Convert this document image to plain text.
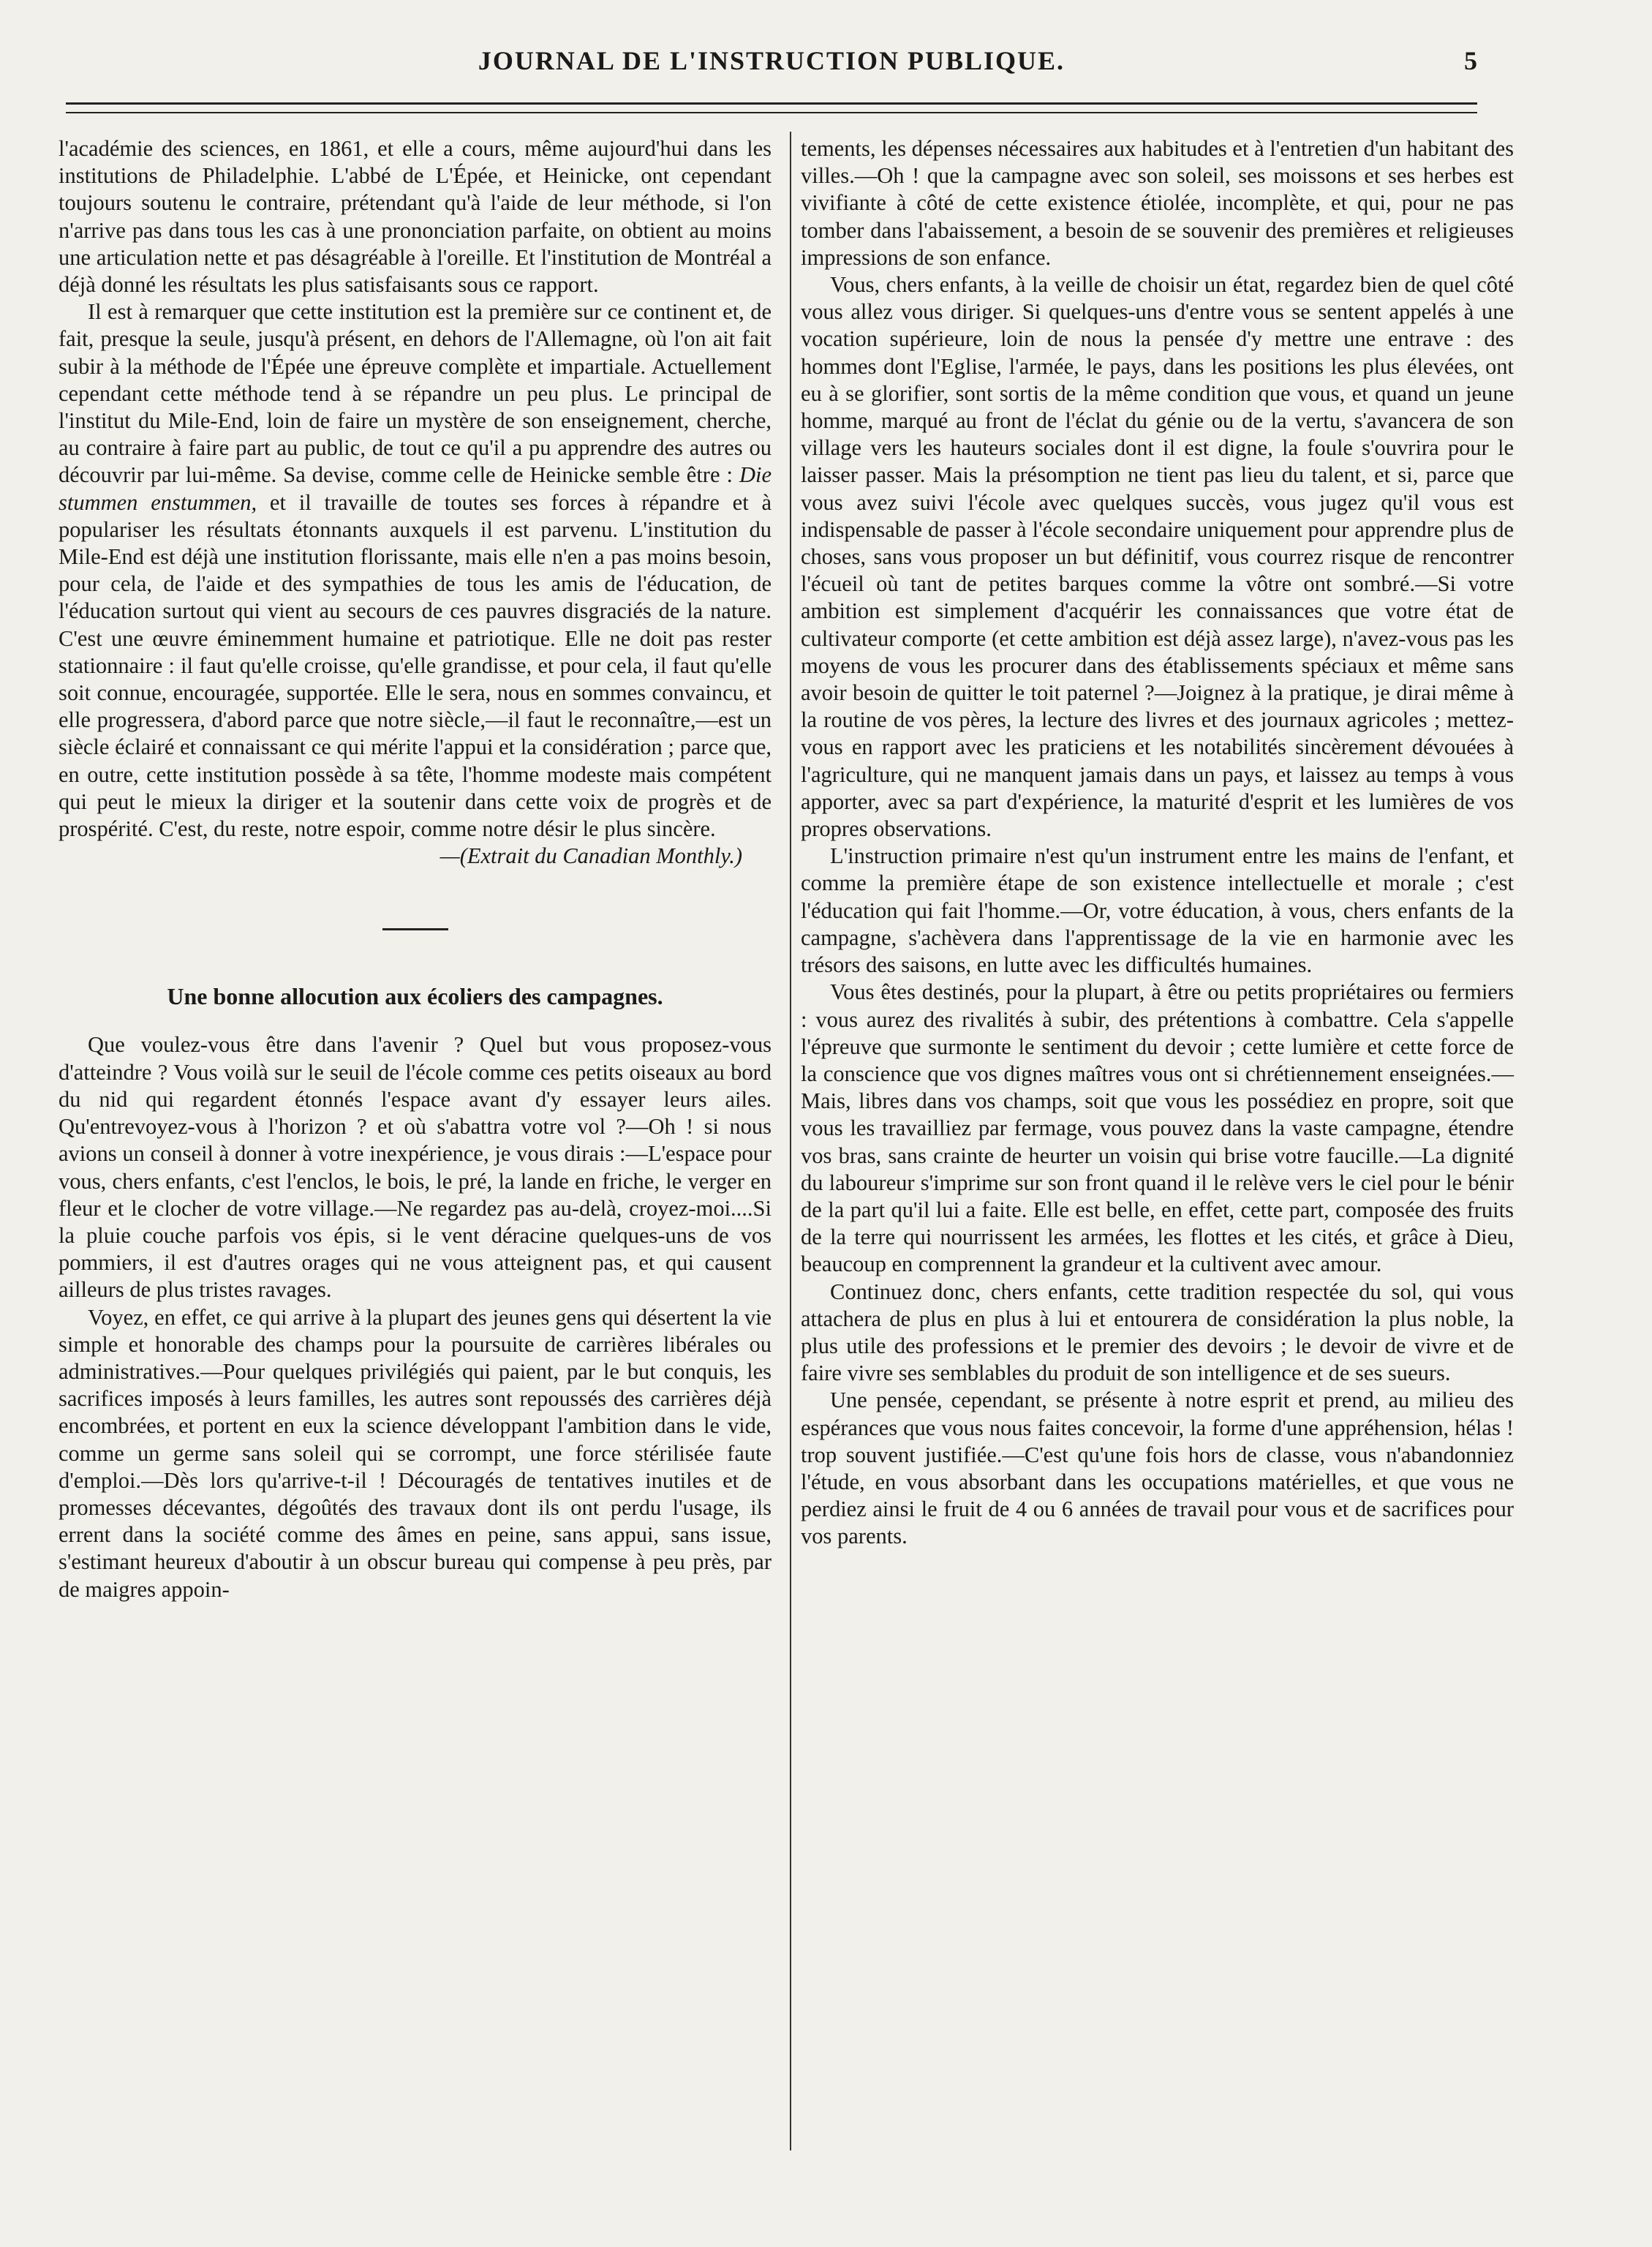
JOURNAL DE L'INSTRUCTION PUBLIQUE.	5

l'académie des sciences, en 1861, et elle a cours, même aujourd'hui dans les institutions de Philadelphie. L'abbé de L'Épée, et Heinicke, ont cependant toujours soutenu le contraire, prétendant qu'à l'aide de leur méthode, si l'on n'arrive pas dans tous les cas à une prononciation parfaite, on obtient au moins une articulation nette et pas désagréable à l'oreille. Et l'institution de Montréal a déjà donné les résultats les plus satisfaisants sous ce rapport.

Il est à remarquer que cette institution est la première sur ce continent et, de fait, presque la seule, jusqu'à présent, en dehors de l'Allemagne, où l'on ait fait subir à la méthode de l'Épée une épreuve complète et impartiale. Actuellement cependant cette méthode tend à se répandre un peu plus. Le principal de l'institut du Mile-End, loin de faire un mystère de son enseignement, cherche, au contraire à faire part au public, de tout ce qu'il a pu apprendre des autres ou découvrir par lui-même. Sa devise, comme celle de Heinicke semble être : Die stummen enstummen, et il travaille de toutes ses forces à répandre et à populariser les résultats étonnants auxquels il est parvenu. L'institution du Mile-End est déjà une institution florissante, mais elle n'en a pas moins besoin, pour cela, de l'aide et des sympathies de tous les amis de l'éducation, de l'éducation surtout qui vient au secours de ces pauvres disgraciés de la nature. C'est une œuvre éminemment humaine et patriotique. Elle ne doit pas rester stationnaire : il faut qu'elle croisse, qu'elle grandisse, et pour cela, il faut qu'elle soit connue, encouragée, supportée. Elle le sera, nous en sommes convaincu, et elle progressera, d'abord parce que notre siècle,—il faut le reconnaître,—est un siècle éclairé et connaissant ce qui mérite l'appui et la considération ; parce que, en outre, cette institution possède à sa tête, l'homme modeste mais compétent qui peut le mieux la diriger et la soutenir dans cette voix de progrès et de prospérité. C'est, du reste, notre espoir, comme notre désir le plus sincère.

—(Extrait du Canadian Monthly.)

Une bonne allocution aux écoliers des campagnes.

Que voulez-vous être dans l'avenir ? Quel but vous proposez-vous d'atteindre ? Vous voilà sur le seuil de l'école comme ces petits oiseaux au bord du nid qui regardent étonnés l'espace avant d'y essayer leurs ailes. Qu'entrevoyez-vous à l'horizon ? et où s'abattra votre vol ?—Oh ! si nous avions un conseil à donner à votre inexpérience, je vous dirais :—L'espace pour vous, chers enfants, c'est l'enclos, le bois, le pré, la lande en friche, le verger en fleur et le clocher de votre village.—Ne regardez pas au-delà, croyez-moi....Si la pluie couche parfois vos épis, si le vent déracine quelques-uns de vos pommiers, il est d'autres orages qui ne vous atteignent pas, et qui causent ailleurs de plus tristes ravages.

Voyez, en effet, ce qui arrive à la plupart des jeunes gens qui désertent la vie simple et honorable des champs pour la poursuite de carrières libérales ou administratives.—Pour quelques privilégiés qui paient, par le but conquis, les sacrifices imposés à leurs familles, les autres sont repoussés des carrières déjà encombrées, et portent en eux la science développant l'ambition dans le vide, comme un germe sans soleil qui se corrompt, une force stérilisée faute d'emploi.—Dès lors qu'arrive-t-il ! Découragés de tentatives inutiles et de promesses décevantes, dégoûtés des travaux dont ils ont perdu l'usage, ils errent dans la société comme des âmes en peine, sans appui, sans issue, s'estimant heureux d'aboutir à un obscur bureau qui compense à peu près, par de maigres appoin-

tements, les dépenses nécessaires aux habitudes et à l'entretien d'un habitant des villes.—Oh ! que la campagne avec son soleil, ses moissons et ses herbes est vivifiante à côté de cette existence étiolée, incomplète, et qui, pour ne pas tomber dans l'abaissement, a besoin de se souvenir des premières et religieuses impressions de son enfance.

Vous, chers enfants, à la veille de choisir un état, regardez bien de quel côté vous allez vous diriger. Si quelques-uns d'entre vous se sentent appelés à une vocation supérieure, loin de nous la pensée d'y mettre une entrave : des hommes dont l'Eglise, l'armée, le pays, dans les positions les plus élevées, ont eu à se glorifier, sont sortis de la même condition que vous, et quand un jeune homme, marqué au front de l'éclat du génie ou de la vertu, s'avancera de son village vers les hauteurs sociales dont il est digne, la foule s'ouvrira pour le laisser passer. Mais la présomption ne tient pas lieu du talent, et si, parce que vous avez suivi l'école avec quelques succès, vous jugez qu'il vous est indispensable de passer à l'école secondaire uniquement pour apprendre plus de choses, sans vous proposer un but définitif, vous courrez risque de rencontrer l'écueil où tant de petites barques comme la vôtre ont sombré.—Si votre ambition est simplement d'acquérir les connaissances que votre état de cultivateur comporte (et cette ambition est déjà assez large), n'avez-vous pas les moyens de vous les procurer dans des établissements spéciaux et même sans avoir besoin de quitter le toit paternel ?—Joignez à la pratique, je dirai même à la routine de vos pères, la lecture des livres et des journaux agricoles ; mettez-vous en rapport avec les praticiens et les notabilités sincèrement dévouées à l'agriculture, qui ne manquent jamais dans un pays, et laissez au temps à vous apporter, avec sa part d'expérience, la maturité d'esprit et les lumières de vos propres observations.

L'instruction primaire n'est qu'un instrument entre les mains de l'enfant, et comme la première étape de son existence intellectuelle et morale ; c'est l'éducation qui fait l'homme.—Or, votre éducation, à vous, chers enfants de la campagne, s'achèvera dans l'apprentissage de la vie en harmonie avec les trésors des saisons, en lutte avec les difficultés humaines.

Vous êtes destinés, pour la plupart, à être ou petits propriétaires ou fermiers : vous aurez des rivalités à subir, des prétentions à combattre. Cela s'appelle l'épreuve que surmonte le sentiment du devoir ; cette lumière et cette force de la conscience que vos dignes maîtres vous ont si chrétiennement enseignées.—Mais, libres dans vos champs, soit que vous les possédiez en propre, soit que vous les travailliez par fermage, vous pouvez dans la vaste campagne, étendre vos bras, sans crainte de heurter un voisin qui brise votre faucille.—La dignité du laboureur s'imprime sur son front quand il le relève vers le ciel pour le bénir de la part qu'il lui a faite. Elle est belle, en effet, cette part, composée des fruits de la terre qui nourrissent les armées, les flottes et les cités, et grâce à Dieu, beaucoup en comprennent la grandeur et la cultivent avec amour.

Continuez donc, chers enfants, cette tradition respectée du sol, qui vous attachera de plus en plus à lui et entourera de considération la plus noble, la plus utile des professions et le premier des devoirs ; le devoir de vivre et de faire vivre ses semblables du produit de son intelligence et de ses sueurs.

Une pensée, cependant, se présente à notre esprit et prend, au milieu des espérances que vous nous faites concevoir, la forme d'une appréhension, hélas ! trop souvent justifiée.—C'est qu'une fois hors de classe, vous n'abandonniez l'étude, en vous absorbant dans les occupations matérielles, et que vous ne perdiez ainsi le fruit de 4 ou 6 années de travail pour vous et de sacrifices pour vos parents.
